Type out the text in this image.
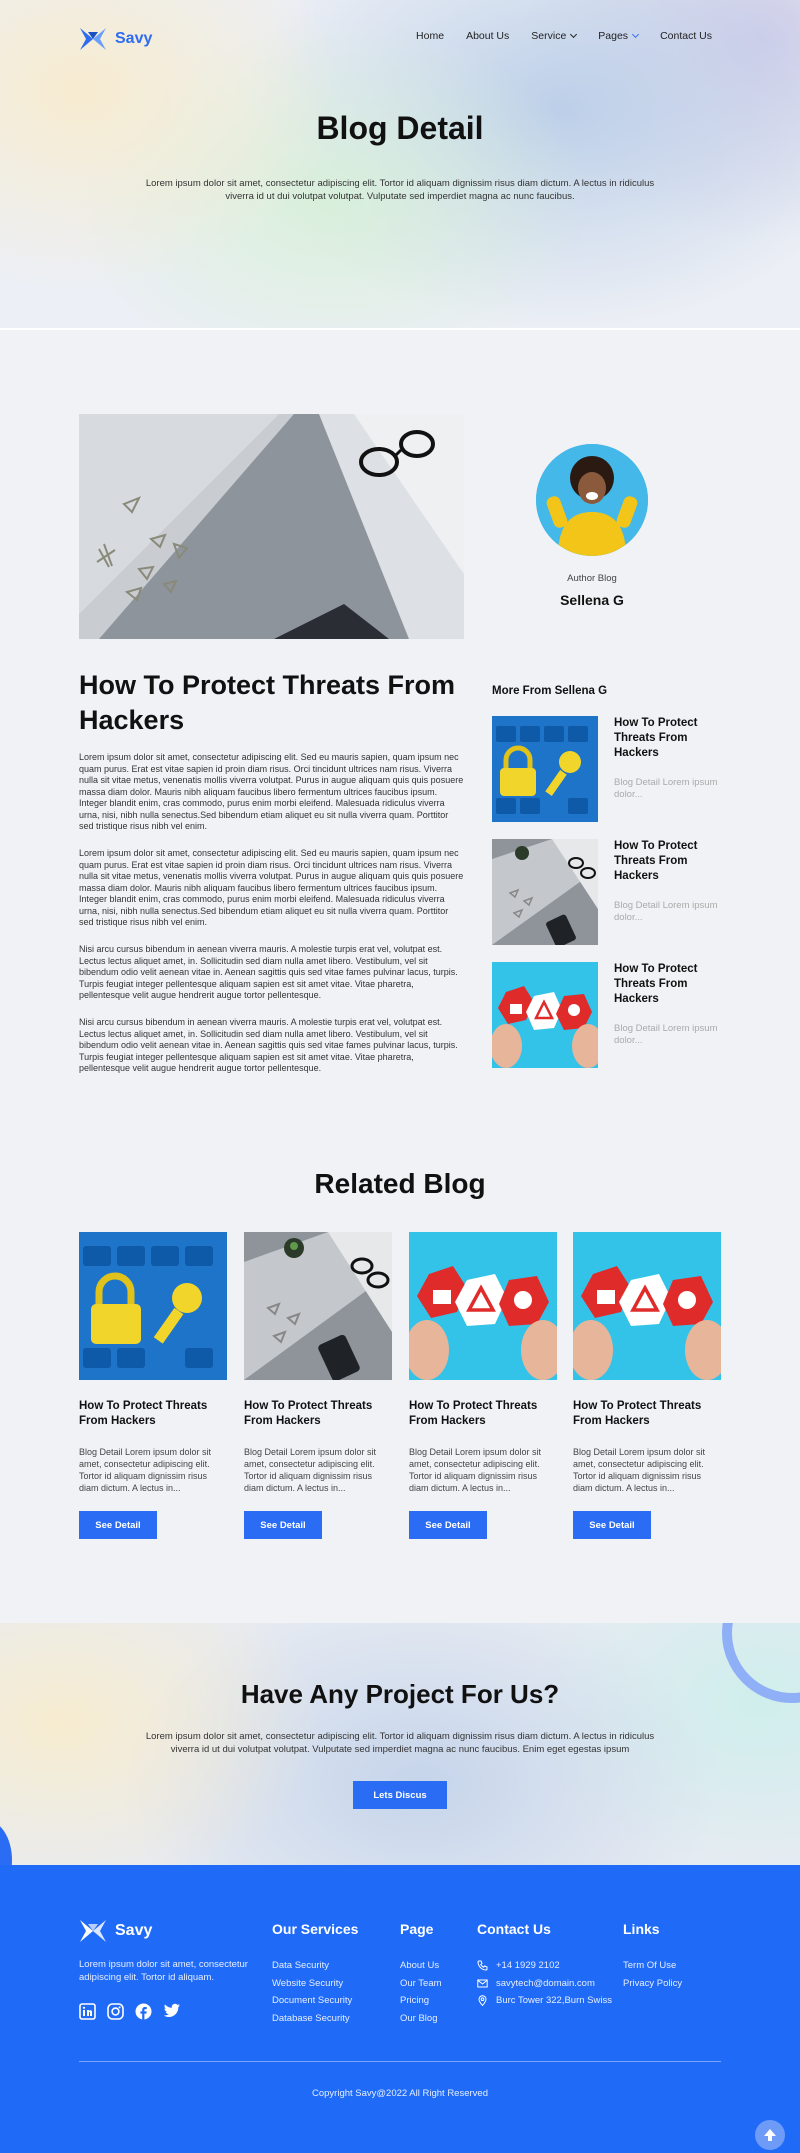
Savy	Home About Us Service	Pages	Contact Us
Blog Detail

Lorem ipsum dolor sit amet, consectetur adipiscing elit. Tortor id aliquam dignissim risus diam dictum. A lectus in ridiculus viverra id ut dui volutpat volutpat. Vulputate sed imperdiet magna ac nunc faucibus.

Author Blog
Sellena G
How To Protect Threats From Hackers

Lorem ipsum dolor sit amet, consectetur adipiscing elit. Sed eu mauris sapien, quam ipsum nec quam purus. Erat est vitae sapien id proin diam risus. Orci tincidunt ultrices nam risus. Viverra nulla sit vitae metus, venenatis mollis viverra volutpat. Purus in augue aliquam quis quis posuere massa diam dolor. Mauris nibh aliquam faucibus libero fermentum ultrices faucibus ipsum. Integer blandit enim, cras commodo, purus enim morbi eleifend. Malesuada ridiculus viverra urna, nisi, nibh nulla senectus.Sed bibendum etiam aliquet eu sit nulla viverra quam. Porttitor sed tristique risus nibh vel enim.

Lorem ipsum dolor sit amet, consectetur adipiscing elit. Sed eu mauris sapien, quam ipsum nec quam purus. Erat est vitae sapien id proin diam risus. Orci tincidunt ultrices nam risus. Viverra nulla sit vitae metus, venenatis mollis viverra volutpat. Purus in augue aliquam quis quis posuere massa diam dolor. Mauris nibh aliquam faucibus libero fermentum ultrices faucibus ipsum. Integer blandit enim, cras commodo, purus enim morbi eleifend. Malesuada ridiculus viverra urna, nisi, nibh nulla senectus.Sed bibendum etiam aliquet eu sit nulla viverra quam. Porttitor sed tristique risus nibh vel enim.

Nisi arcu cursus bibendum in aenean viverra mauris. A molestie turpis erat vel, volutpat est. Lectus lectus aliquet amet, in. Sollicitudin sed diam nulla amet libero. Vestibulum, vel sit bibendum odio velit aenean vitae in. Aenean sagittis quis sed vitae fames pulvinar lacus, turpis. Turpis feugiat integer pellentesque aliquam sapien est sit amet vitae. Vitae pharetra, pellentesque velit augue hendrerit augue tortor pellentesque.

Nisi arcu cursus bibendum in aenean viverra mauris. A molestie turpis erat vel, volutpat est. Lectus lectus aliquet amet, in. Sollicitudin sed diam nulla amet libero. Vestibulum, vel sit bibendum odio velit aenean vitae in. Aenean sagittis quis sed vitae fames pulvinar lacus, turpis. Turpis feugiat integer pellentesque aliquam sapien est sit amet vitae. Vitae pharetra, pellentesque velit augue hendrerit augue tortor pellentesque.

More From Sellena G
How To Protect Threats From Hackers
Blog Detail Lorem ipsum dolor...
How To Protect Threats From Hackers
Blog Detail Lorem ipsum dolor...
How To Protect Threats From Hackers
Blog Detail Lorem ipsum dolor...
Related Blog
How To Protect Threats From Hackers
How To Protect Threats From Hackers
How To Protect Threats From Hackers
How To Protect Threats From Hackers

Blog Detail Lorem ipsum dolor sit amet, consectetur adipiscing elit. Tortor id aliquam dignissim risus diam dictum. A lectus in...

Blog Detail Lorem ipsum dolor sit amet, consectetur adipiscing elit. Tortor id aliquam dignissim risus diam dictum. A lectus in...

Blog Detail Lorem ipsum dolor sit amet, consectetur adipiscing elit. Tortor id aliquam dignissim risus diam dictum. A lectus in...

Blog Detail Lorem ipsum dolor sit amet, consectetur adipiscing elit. Tortor id aliquam dignissim risus diam dictum. A lectus in...

See Detail	See Detail	See Detail	See Detail
Have Any Project For Us?

Lorem ipsum dolor sit amet, consectetur adipiscing elit. Tortor id aliquam dignissim risus diam dictum. A lectus in ridiculus viverra id ut dui volutpat volutpat. Vulputate sed imperdiet magna ac nunc faucibus. Enim eget egestas ipsum

Lets Discus
Savy

Lorem ipsum dolor sit amet, consectetur adipiscing elit. Tortor id aliquam.

Our Services
Data Security
Website Security
Document Security
Database Security
Page
About Us
Our Team
Pricing
Our Blog
Contact Us
+14 1929 2102
savytech@domain.com
Burc Tower 322,Burn Swiss
Links
Term Of Use
Privacy Policy
Copyright Savy@2022 All Right Reserved
